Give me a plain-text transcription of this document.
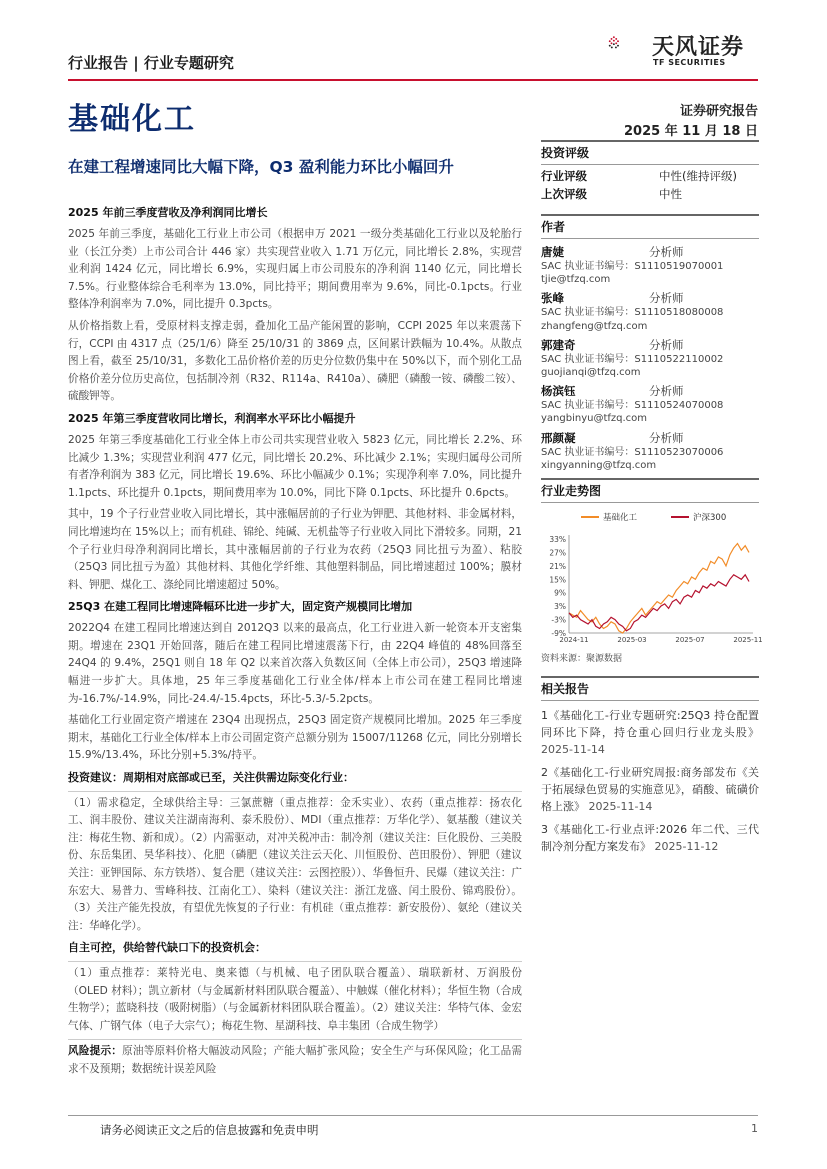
行业报告 | 行业专题研究
天风证券
TF SECURITIES
基础化工	证券研究报告
2025 年 11 月 18 日
在建工程增速同比大幅下降，Q3 盈利能力环比小幅回升
2025 年前三季度营收及净利润同比增长

2025 年前三季度，基础化工行业上市公司（根据申万 2021 一级分类基础化工行业以及轮胎行业（长江分类）上市公司合计 446 家）共实现营业收入 1.71 万亿元，同比增长 2.8%，实现营业利润 1424 亿元，同比增长 6.9%，实现归属上市公司股东的净利润 1140 亿元，同比增长 7.5%。行业整体综合毛利率为 13.0%，同比持平；期间费用率为 9.6%，同比-0.1pcts。行业整体净利润率为 7.0%，同比提升 0.3pcts。

从价格指数上看，受原材料支撑走弱，叠加化工品产能闲置的影响，CCPI 2025 年以来震荡下行，CCPI 由 4317 点（25/1/6）降至 25/10/31 的 3869 点，区间累计跌幅为 10.4%。从散点图上看，截至 25/10/31，多数化工品价格价差的历史分位数仍集中在 50%以下，而个别化工品价格价差分位历史高位，包括制冷剂（R32、R114a、R410a）、磷肥（磷酸一铵、磷酸二铵）、硫酸钾等。

2025 年第三季度营收同比增长，利润率水平环比小幅提升

2025 年第三季度基础化工行业全体上市公司共实现营业收入 5823 亿元，同比增长 2.2%、环比减少 1.3%；实现营业利润 477 亿元，同比增长 20.2%、环比减少 2.1%；实现归属母公司所有者净利润为 383 亿元，同比增长 19.6%、环比小幅减少 0.1%；实现净利率 7.0%，同比提升 1.1pcts、环比提升 0.1pcts，期间费用率为 10.0%，同比下降 0.1pcts、环比提升 0.6pcts。

其中，19 个子行业营业收入同比增长，其中涨幅居前的子行业为钾肥、其他材料、非金属材料，同比增速均在 15%以上；而有机硅、锦纶、纯碱、无机盐等子行业收入同比下滑较多。同期，21 个子行业归母净利润同比增长，其中涨幅居前的子行业为农药（25Q3 同比扭亏为盈）、粘胶（25Q3 同比扭亏为盈）其他材料、其他化学纤维、其他塑料制品，同比增速超过 100%；膜材料、钾肥、煤化工、涤纶同比增速超过 50%。

25Q3 在建工程同比增速降幅环比进一步扩大，固定资产规模同比增加

2022Q4 在建工程同比增速达到自 2012Q3 以来的最高点，化工行业进入新一轮资本开支密集期。增速在 23Q1 开始回落，随后在建工程同比增速震荡下行，由 22Q4 峰值的 48%回落至 24Q4 的 9.4%，25Q1 则自 18 年 Q2 以来首次落入负数区间（全体上市公司），25Q3 增速降幅进一步扩大。具体地，25 年三季度基础化工行业全体/样本上市公司在建工程同比增速为-16.7%/-14.9%，同比-24.4/-15.4pcts，环比-5.3/-5.2pcts。

基础化工行业固定资产增速在 23Q4 出现拐点，25Q3 固定资产规模同比增加。2025 年三季度期末，基础化工行业全体/样本上市公司固定资产总额分别为 15007/11268 亿元，同比分别增长 15.9%/13.4%，环比分别+5.3%/持平。

投资建议：周期相对底部或已至，关注供需边际变化行业：

（1）需求稳定，全球供给主导：三氯蔗糖（重点推荐：金禾实业）、农药（重点推荐：扬农化工、润丰股份、建议关注湖南海利、泰禾股份）、MDI（重点推荐：万华化学）、氨基酸（建议关注：梅花生物、新和成）。（2）内需驱动，对冲关税冲击：制冷剂（建议关注：巨化股份、三美股份、东岳集团、昊华科技）、化肥（磷肥（建议关注云天化、川恒股份、芭田股份）、钾肥（建议关注：亚钾国际、东方铁塔）、复合肥（建议关注：云图控股））、华鲁恒升、民爆（建议关注：广东宏大、易普力、雪峰科技、江南化工）、染料（建议关注：浙江龙盛、闰土股份、锦鸡股份）。（3）关注产能先投放，有望优先恢复的子行业：有机硅（重点推荐：新安股份）、氨纶（建议关注：华峰化学）。

自主可控，供给替代缺口下的投资机会：

（1）重点推荐：莱特光电、奥来德（与机械、电子团队联合覆盖）、瑞联新材、万润股份（OLED 材料）；凯立新材（与金属新材料团队联合覆盖）、中触媒（催化材料）；华恒生物（合成生物学）；蓝晓科技（吸附树脂）（与金属新材料团队联合覆盖）。（2）建议关注：华特气体、金宏气体、广钢气体（电子大宗气）；梅花生物、星湖科技、阜丰集团（合成生物学）

风险提示：原油等原料价格大幅波动风险；产能大幅扩张风险；安全生产与环保风险；化工品需求不及预期；数据统计误差风险

投资评级
行业评级	中性(维持评级)
上次评级	中性
作者
唐婕	分析师
SAC 执业证书编号：S1110519070001
tjie@tfzq.com
张峰	分析师
SAC 执业证书编号：S1110518080008
zhangfeng@tfzq.com
郭建奇	分析师
SAC 执业证书编号：S1110522110002
guojianqi@tfzq.com
杨滨钰	分析师
SAC 执业证书编号：S1110524070008
yangbinyu@tfzq.com
邢颜凝	分析师
SAC 执业证书编号：S1110523070006
xingyanning@tfzq.com
行业走势图
基础化工	沪深300
33%
27%
21%
15%
9%
3%
-3%
-9%
2024-11	2025-03	2025-07	2025-11
资料来源：聚源数据
相关报告

1《基础化工-行业专题研究:25Q3 持仓配置同环比下降，持仓重心回归行业龙头股》 2025-11-14

2《基础化工-行业研究周报:商务部发布《关于拓展绿色贸易的实施意见》，硝酸、硫磺价格上涨》 2025-11-14

3《基础化工-行业点评:2026 年二代、三代制冷剂分配方案发布》 2025-11-12

请务必阅读正文之后的信息披露和免责申明	1
